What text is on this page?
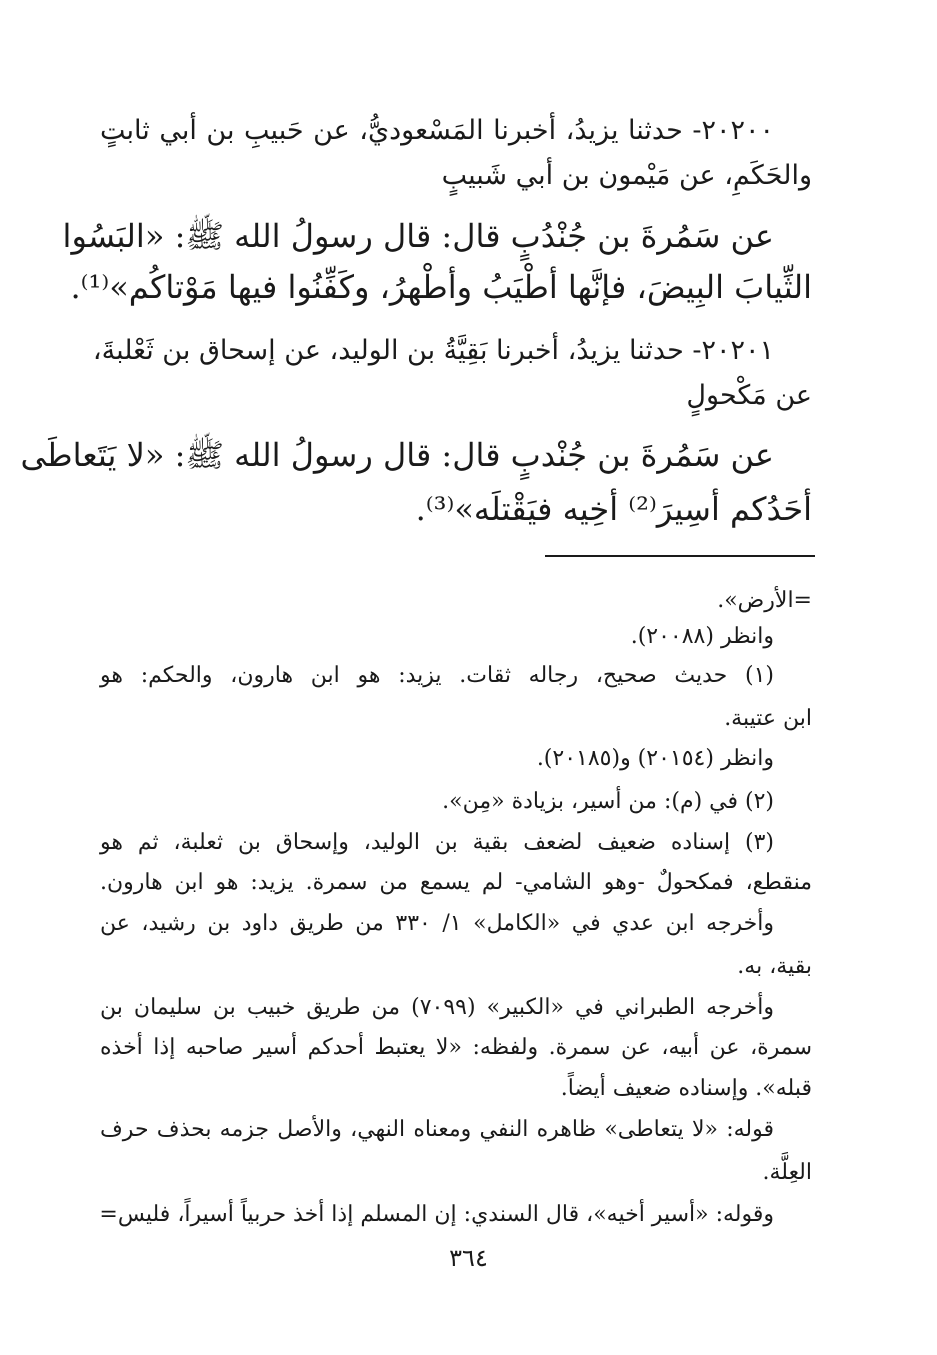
٢٠٢٠٠- حدثنا يزيدُ، أخبرنا المَسْعوديُّ، عن حَبيبِ بن أبي ثابتٍ
والحَكَمِ، عن مَيْمون بن أبي شَبيبٍ
عن سَمُرةَ بن جُنْدُبٍ قال: قال رسولُ الله ﷺ: «البَسُوا
الثِّيابَ البِيضَ، فإنَّها أطْيَبُ وأطْهرُ، وكَفِّنُوا فيها مَوْتاكُم»⁽¹⁾.
٢٠٢٠١- حدثنا يزيدُ، أخبرنا بَقِيَّةُ بن الوليد، عن إسحاق بن ثَعْلبةَ،
عن مَكْحولٍ
عن سَمُرةَ بن جُنْدبٍ قال: قال رسولُ الله ﷺ: «لا يَتَعاطَى
أحَدُكم أسِيرَ⁽²⁾ أخِيه فيَقْتلَه»⁽³⁾.
=الأرض».
وانظر (٢٠٠٨٨).
(١) حديث صحيح، رجاله ثقات. يزيد: هو ابن هارون، والحكم: هو
ابن عتيبة.
وانظر (٢٠١٥٤) و(٢٠١٨٥).
(٢) في (م): من أسير، بزيادة «مِن».
(٣) إسناده ضعيف لضعف بقية بن الوليد، وإسحاق بن ثعلبة، ثم هو
منقطع، فمكحولٌ -وهو الشامي- لم يسمع من سمرة. يزيد: هو ابن هارون.
وأخرجه ابن عدي في «الكامل» ١/ ٣٣٠ من طريق داود بن رشيد، عن
بقية، به.
وأخرجه الطبراني في «الكبير» (٧٠٩٩) من طريق خبيب بن سليمان بن
سمرة، عن أبيه، عن سمرة. ولفظه: «لا يعتبط أحدكم أسير صاحبه إذا أخذه
قبله». وإسناده ضعيف أيضاً.
قوله: «لا يتعاطى» ظاهره النفي ومعناه النهي، والأصل جزمه بحذف حرف
العِلَّة.
وقوله: «أسير أخيه»، قال السندي: إن المسلم إذا أخذ حربياً أسيراً، فليس=
٣٦٤
